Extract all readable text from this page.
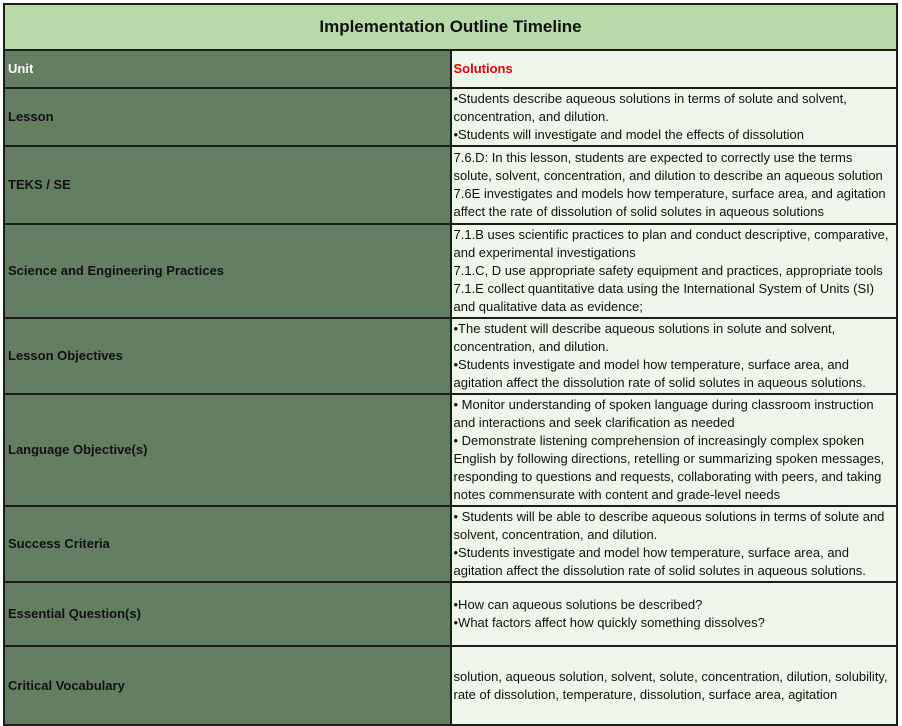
Implementation Outline Timeline	
Unit	Solutions

Lesson	•Students describe aqueous solutions in terms of solute and solvent, concentration, and dilution.
•Students will investigate and model the effects of dissolution

TEKS / SE	7.6.D: In this lesson, students are expected to correctly use the terms solute, solvent, concentration, and dilution to describe an aqueous solution
7.6E investigates and models how temperature, surface area, and agitation affect the rate of dissolution of solid solutes in aqueous solutions

Science and Engineering Practices	7.1.B uses scientific practices to plan and conduct descriptive, comparative, and experimental investigations
7.1.C, D use appropriate safety equipment and practices, appropriate tools
7.1.E collect quantitative data using the International System of Units (SI) and qualitative data as evidence;

Lesson Objectives	•The student will describe aqueous solutions in solute and solvent, concentration, and dilution.
•Students investigate and model how temperature, surface area, and agitation affect the dissolution rate of solid solutes in aqueous solutions.

Language Objective(s)	• Monitor understanding of spoken language during classroom instruction and interactions and seek clarification as needed
• Demonstrate listening comprehension of increasingly complex spoken English by following directions, retelling or summarizing spoken messages, responding to questions and requests, collaborating with peers, and taking notes commensurate with content and grade-level needs

Success Criteria	• Students will be able to describe aqueous solutions in terms of solute and solvent, concentration, and dilution.
•Students investigate and model how temperature, surface area, and agitation affect the dissolution rate of solid solutes in aqueous solutions.

Essential Question(s)	•How can aqueous solutions be described?
•What factors affect how quickly something dissolves?

Critical Vocabulary	solution, aqueous solution, solvent, solute, concentration, dilution, solubility, rate of dissolution, temperature, dissolution, surface area, agitation
